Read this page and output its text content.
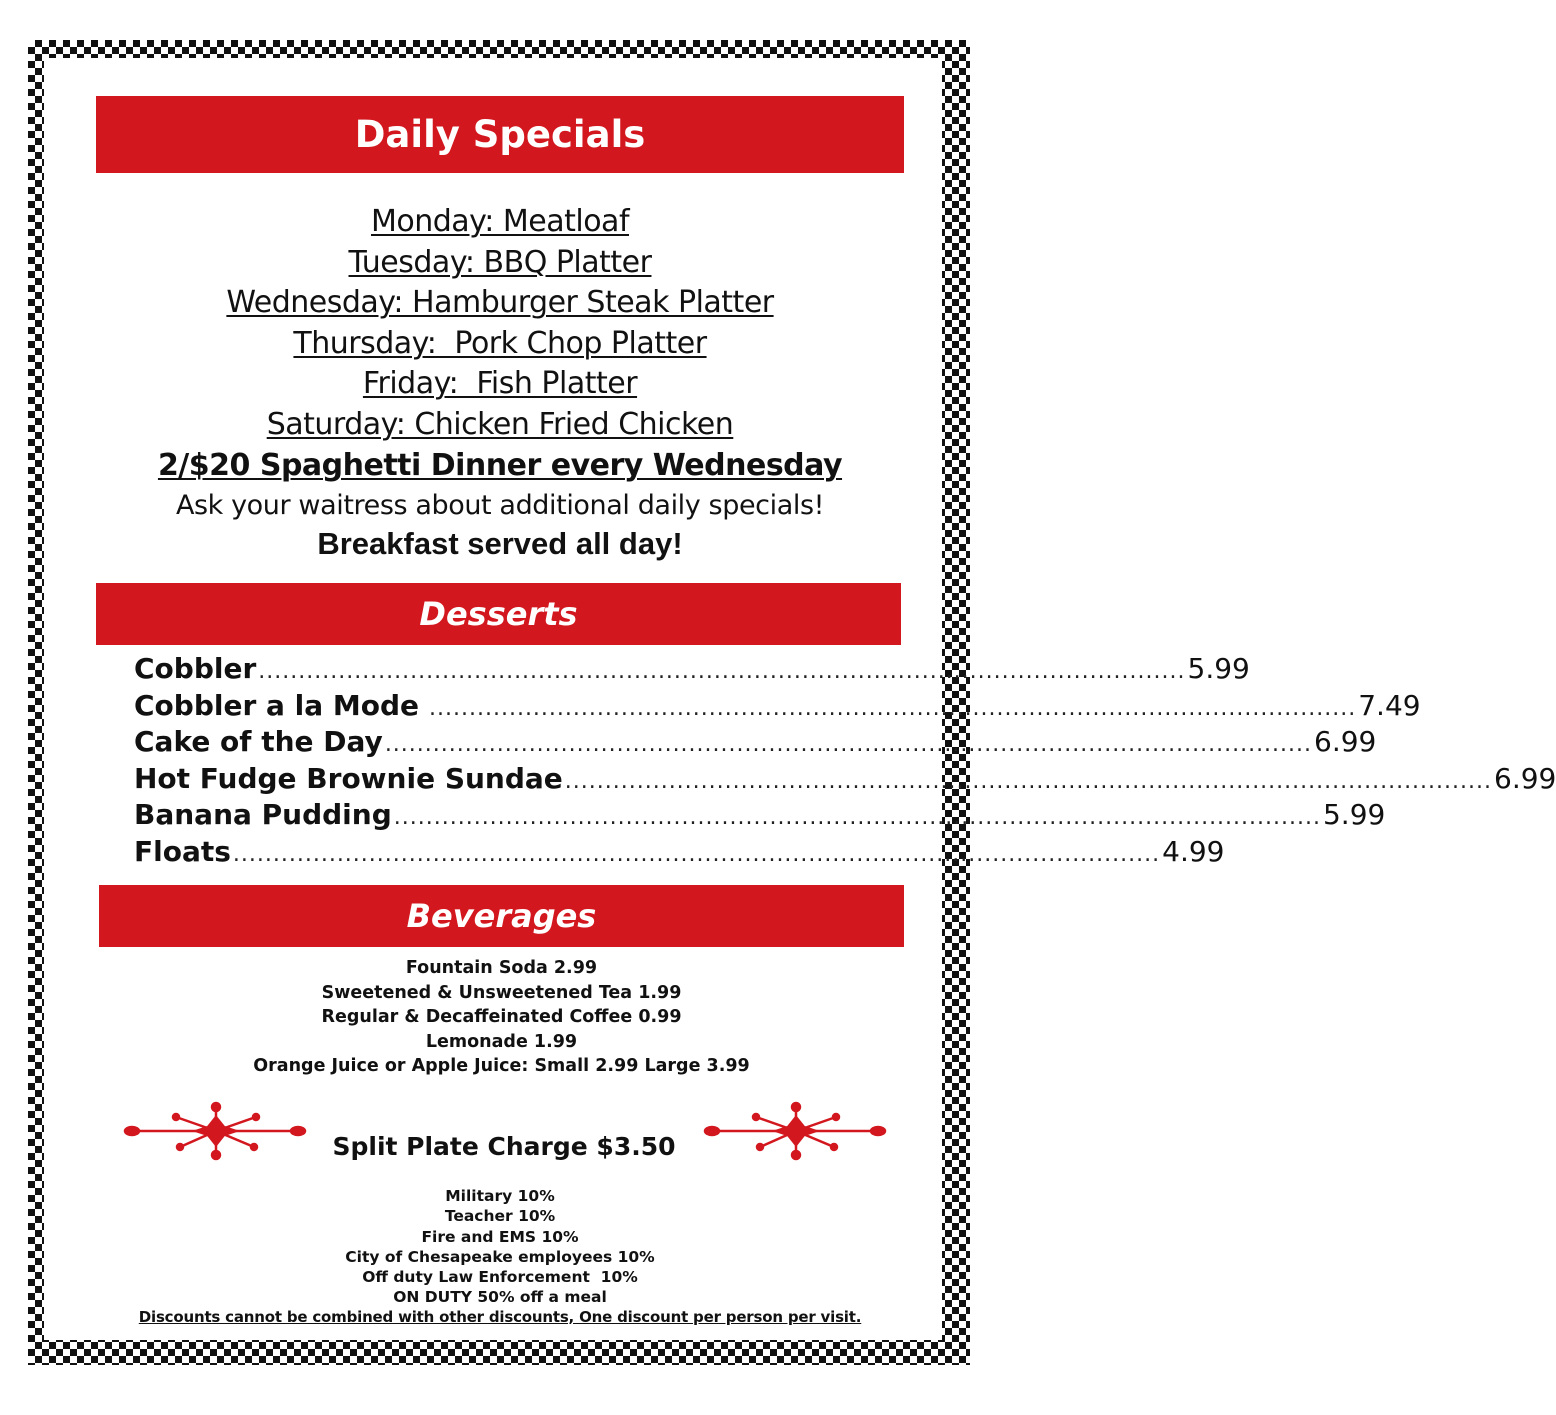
Daily Specials
Monday: Meatloaf
Tuesday: BBQ Platter
Wednesday: Hamburger Steak Platter
Thursday:  Pork Chop Platter
Friday:  Fish Platter
Saturday: Chicken Fried Chicken
2/$20 Spaghetti Dinner every Wednesday
Ask your waitress about additional daily specials!
Breakfast served all day!
Desserts
Cobbler .................................................................................................................... 5.99
Cobbler a la Mode .................................................................................................................... 7.49
Cake of the Day .................................................................................................................... 6.99
Hot Fudge Brownie Sundae .................................................................................................................... 6.99
Banana Pudding .................................................................................................................... 5.99
Floats .................................................................................................................... 4.99
Beverages
Fountain Soda 2.99
Sweetened & Unsweetened Tea 1.99
Regular & Decaffeinated Coffee 0.99
Lemonade 1.99
Orange Juice or Apple Juice: Small 2.99 Large 3.99
Split Plate Charge $3.50
Military 10%
Teacher 10%
Fire and EMS 10%
City of Chesapeake employees 10%
Off duty Law Enforcement  10%
ON DUTY 50% off a meal
Discounts cannot be combined with other discounts, One discount per person per visit.
